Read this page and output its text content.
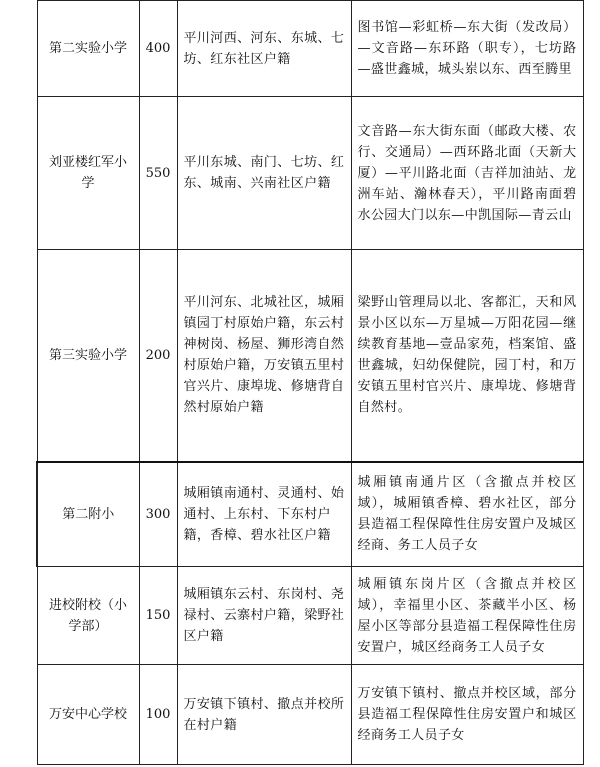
第二实验小学	400	平川河西、河东、东城、七坊、红东社区户籍	图书馆—彩虹桥—东大街（发改局）—文音路—东环路（职专），七坊路—盛世鑫城，城头岽以东、西至腾里
刘亚楼红军小学	550	平川东城、南门、七坊、红东、城南、兴南社区户籍	文音路—东大街东面（邮政大楼、农行、交通局）—西环路北面（天新大厦）—平川路北面（吉祥加油站、龙洲车站、瀚林春天），平川路南面碧水公园大门以东—中凯国际—青云山
第三实验小学	200	平川河东、北城社区，城厢镇园丁村原始户籍，东云村神树岗、杨屋、狮形湾自然村原始户籍，万安镇五里村官兴片、康埠垅、修塘背自然村原始户籍	梁野山管理局以北、客都汇，天和风景小区以东—万星城—万阳花园—继续教育基地—壹品家苑，档案馆、盛世鑫城，妇幼保健院，园丁村，和万安镇五里村官兴片、康埠垅、修塘背自然村。
第二附小	300	城厢镇南通村、灵通村、始通村、上东村、下东村户籍，香樟、碧水社区户籍	城厢镇南通片区（含撤点并校区域），城厢镇香樟、碧水社区，部分县造福工程保障性住房安置户及城区经商、务工人员子女
进校附校（小学部）	150	城厢镇东云村、东岗村、尧禄村、云寨村户籍，梁野社区户籍	城厢镇东岗片区（含撤点并校区域），幸福里小区、茶藏半小区、杨屋小区等部分县造福工程保障性住房安置户，城区经商务工人员子女
万安中心学校	100	万安镇下镇村、撤点并校所在村户籍	万安镇下镇村、撤点并校区域，部分县造福工程保障性住房安置户和城区经商务工人员子女
